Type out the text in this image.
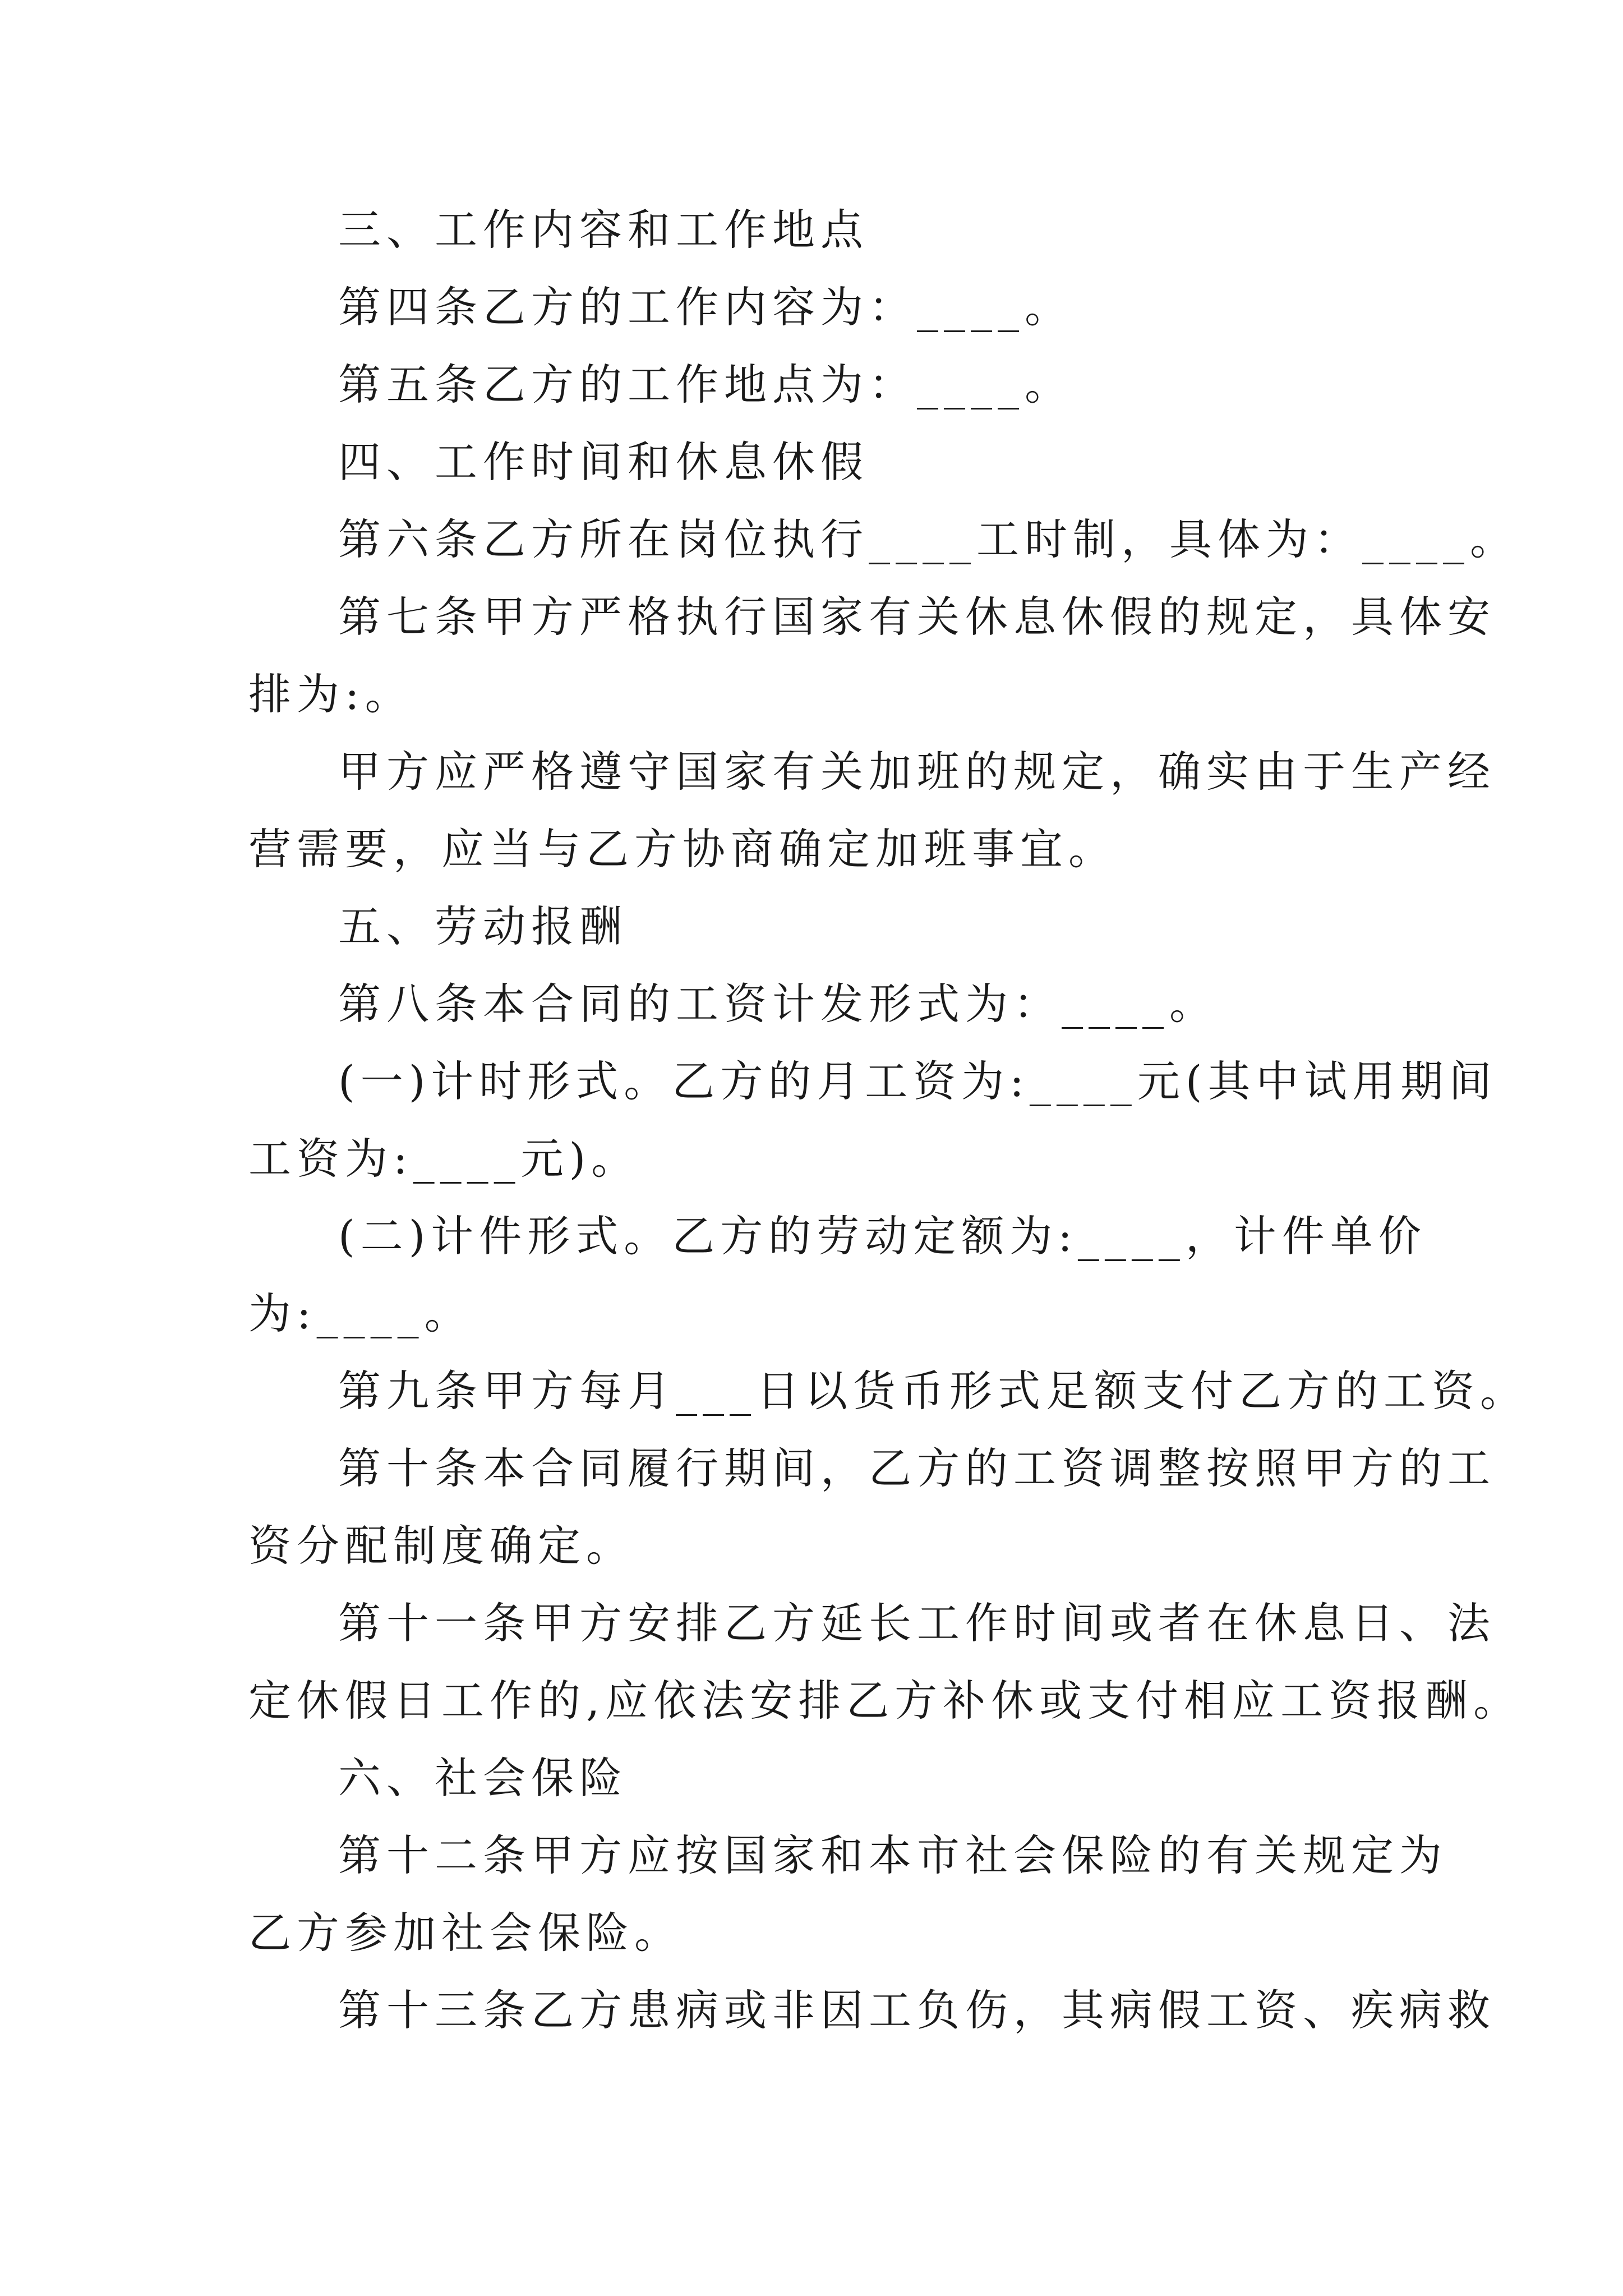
三、工作内容和工作地点
第四条乙方的工作内容为：____。
第五条乙方的工作地点为：____。
四、工作时间和休息休假
第六条乙方所在岗位执行____工时制，具体为：____。
第七条甲方严格执行国家有关休息休假的规定，具体安
排为:。
甲方应严格遵守国家有关加班的规定，确实由于生产经
营需要，应当与乙方协商确定加班事宜。
五、劳动报酬
第八条本合同的工资计发形式为：____。
(一)计时形式。乙方的月工资为:____元(其中试用期间
工资为:____元)。
(二)计件形式。乙方的劳动定额为:____，计件单价
为:____。
第九条甲方每月___日以货币形式足额支付乙方的工资。
第十条本合同履行期间，乙方的工资调整按照甲方的工
资分配制度确定。
第十一条甲方安排乙方延长工作时间或者在休息日、法
定休假日工作的,应依法安排乙方补休或支付相应工资报酬。
六、社会保险
第十二条甲方应按国家和本市社会保险的有关规定为
乙方参加社会保险。
第十三条乙方患病或非因工负伤，其病假工资、疾病救
